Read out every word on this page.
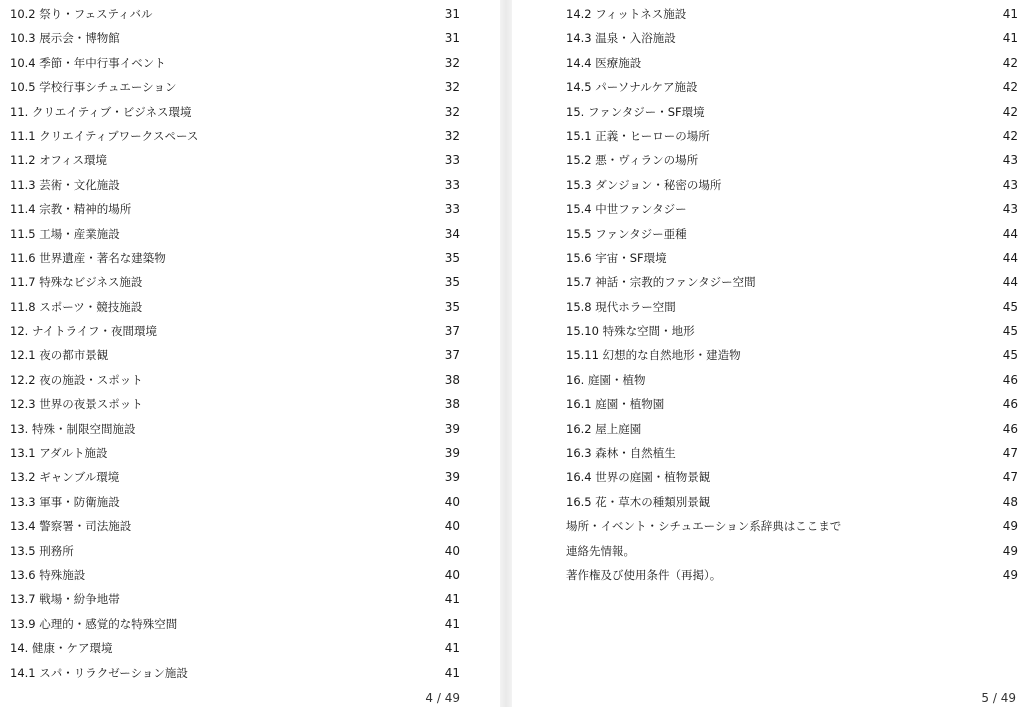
10.2 祭り・フェスティバル	31
10.3 展示会・博物館	31
10.4 季節・年中行事イベント	32
10.5 学校行事シチュエーション	32
11. クリエイティブ・ビジネス環境	32
11.1 クリエイティブワークスペース	32
11.2 オフィス環境	33
11.3 芸術・文化施設	33
11.4 宗教・精神的場所	33
11.5 工場・産業施設	34
11.6 世界遺産・著名な建築物	35
11.7 特殊なビジネス施設	35
11.8 スポーツ・競技施設	35
12. ナイトライフ・夜間環境	37
12.1 夜の都市景観	37
12.2 夜の施設・スポット	38
12.3 世界の夜景スポット	38
13. 特殊・制限空間施設	39
13.1 アダルト施設	39
13.2 ギャンブル環境	39
13.3 軍事・防衛施設	40
13.4 警察署・司法施設	40
13.5 刑務所	40
13.6 特殊施設	40
13.7 戦場・紛争地帯	41
13.9 心理的・感覚的な特殊空間	41
14. 健康・ケア環境	41
14.1 スパ・リラクゼーション施設	41
4 / 49
14.2 フィットネス施設	41
14.3 温泉・入浴施設	41
14.4 医療施設	42
14.5 パーソナルケア施設	42
15. ファンタジー・SF環境	42
15.1 正義・ヒーローの場所	42
15.2 悪・ヴィランの場所	43
15.3 ダンジョン・秘密の場所	43
15.4 中世ファンタジー	43
15.5 ファンタジー亜種	44
15.6 宇宙・SF環境	44
15.7 神話・宗教的ファンタジー空間	44
15.8 現代ホラー空間	45
15.10 特殊な空間・地形	45
15.11 幻想的な自然地形・建造物	45
16. 庭園・植物	46
16.1 庭園・植物園	46
16.2 屋上庭園	46
16.3 森林・自然植生	47
16.4 世界の庭園・植物景観	47
16.5 花・草木の種類別景観	48
場所・イベント・シチュエーション系辞典はここまで	49
連絡先情報。	49
著作権及び使用条件（再掲）。	49
5 / 49
